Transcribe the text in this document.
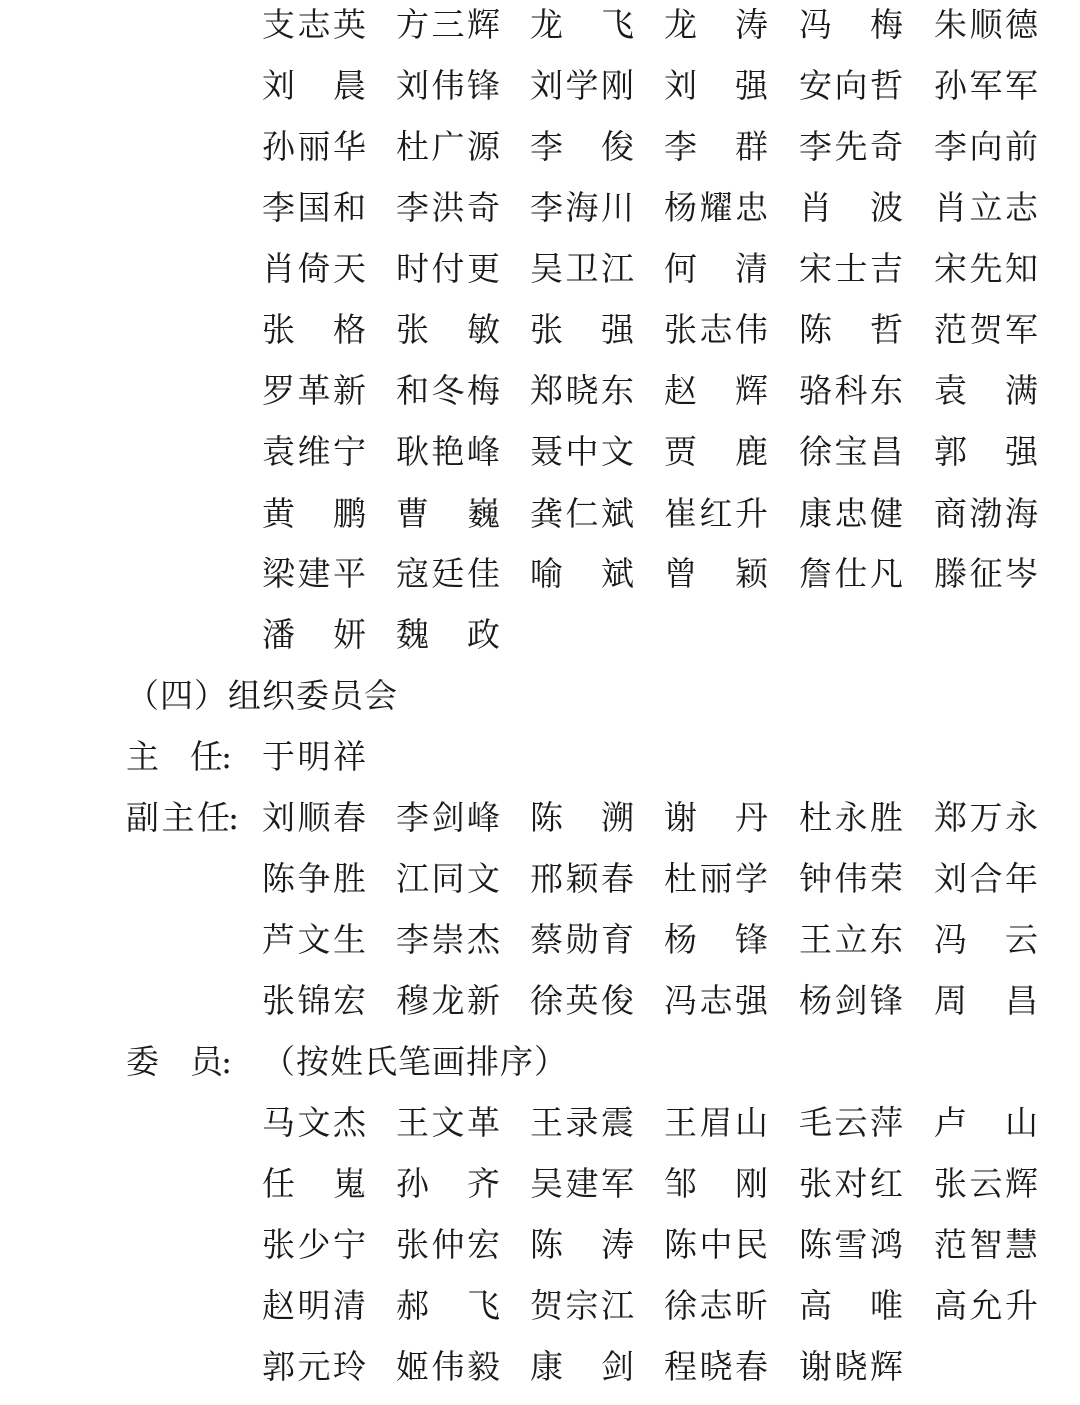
支 志 英 方 三 辉 龙 飞 龙 涛 冯 梅 朱 顺 德
刘 晨 刘 伟 锋 刘 学 刚 刘 强 安 向 哲 孙 军 军
孙 丽 华 杜 广 源 李 俊 李 群 李 先 奇 李 向 前
李 国 和 李 洪 奇 李 海 川 杨 耀 忠 肖 波 肖 立 志
肖 倚 天 时 付 更 吴 卫 江 何 清 宋 士 吉 宋 先 知
张 格 张 敏 张 强 张 志 伟 陈 哲 范 贺 军
罗 革 新 和 冬 梅 郑 晓 东 赵 辉 骆 科 东 袁 满
袁 维 宁 耿 艳 峰 聂 中 文 贾 鹿 徐 宝 昌 郭 强
黄 鹏 曹 巍 龚 仁 斌 崔 红 升 康 忠 健 商 渤 海
梁 建 平 寇 廷 佳 喻 斌 曾 颖 詹 仕 凡 滕 征 岑
潘 妍 魏 政
（四）组织委员会
主 任
: 于 明 祥
副 主 任
: 刘 顺 春 李 剑 峰 陈 溯 谢 丹 杜 永 胜 郑 万 永
陈 争 胜 江 同 文 邢 颖 春 杜 丽 学 钟 伟 荣 刘 合 年
芦 文 生 李 崇 杰 蔡 勋 育 杨 锋 王 立 东 冯 云
张 锦 宏 穆 龙 新 徐 英 俊 冯 志 强 杨 剑 锋 周 昌
委 员
: （按姓氏笔画排序）
马 文 杰 王 文 革 王 录 震 王 眉 山 毛 云 萍 卢 山
任 嵬 孙 齐 吴 建 军 邹 刚 张 对 红 张 云 辉
张 少 宁 张 仲 宏 陈 涛 陈 中 民 陈 雪 鸿 范 智 慧
赵 明 清 郝 飞 贺 宗 江 徐 志 昕 高 唯 高 允 升
郭 元 玲 姬 伟 毅 康 剑 程 晓 春 谢 晓 辉
